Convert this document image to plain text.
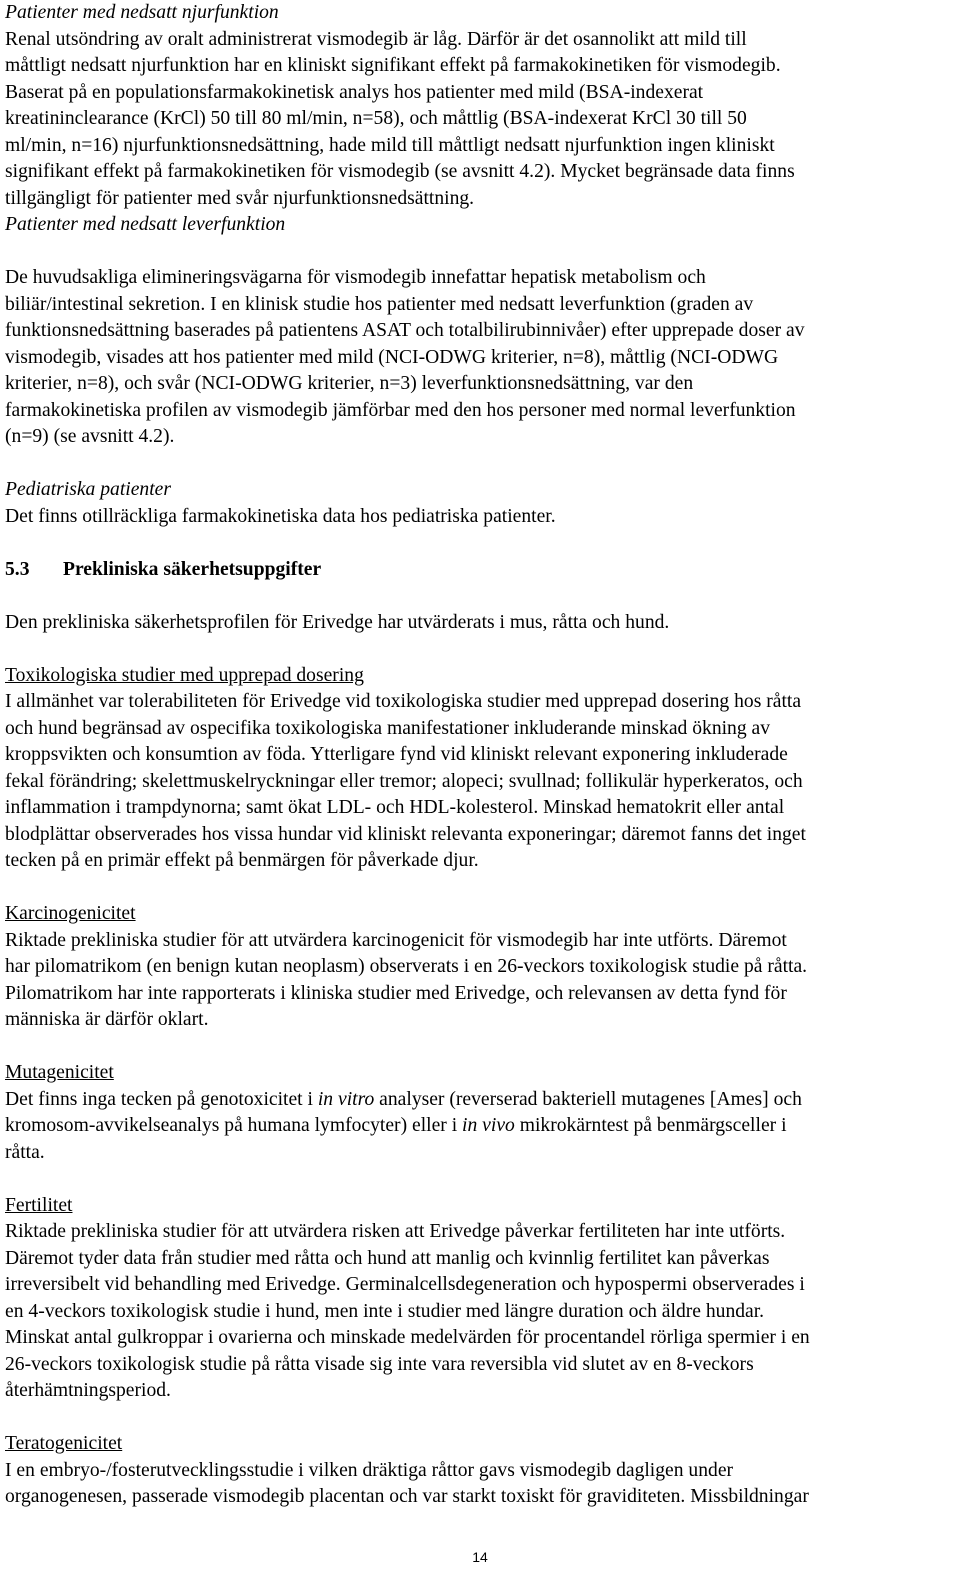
Patienter med nedsatt njurfunktion
Renal utsöndring av oralt administrerat vismodegib är låg. Därför är det osannolikt att mild till
måttligt nedsatt njurfunktion har en kliniskt signifikant effekt på farmakokinetiken för vismodegib.
Baserat på en populationsfarmakokinetisk analys hos patienter med mild (BSA-indexerat
kreatininclearance (KrCl) 50 till 80 ml/min, n=58), och måttlig (BSA-indexerat KrCl 30 till 50
ml/min, n=16) njurfunktionsnedsättning, hade mild till måttligt nedsatt njurfunktion ingen kliniskt
signifikant effekt på farmakokinetiken för vismodegib (se avsnitt 4.2). Mycket begränsade data finns
tillgängligt för patienter med svår njurfunktionsnedsättning.
Patienter med nedsatt leverfunktion
De huvudsakliga elimineringsvägarna för vismodegib innefattar hepatisk metabolism och
biliär/intestinal sekretion. I en klinisk studie hos patienter med nedsatt leverfunktion (graden av
funktionsnedsättning baserades på patientens ASAT och totalbilirubinnivåer) efter upprepade doser av
vismodegib, visades att hos patienter med mild (NCI-ODWG kriterier, n=8), måttlig (NCI-ODWG
kriterier, n=8), och svår (NCI-ODWG kriterier, n=3) leverfunktionsnedsättning, var den
farmakokinetiska profilen av vismodegib jämförbar med den hos personer med normal leverfunktion
(n=9) (se avsnitt 4.2).
Pediatriska patienter
Det finns otillräckliga farmakokinetiska data hos pediatriska patienter.
5.3 Prekliniska säkerhetsuppgifter
Den prekliniska säkerhetsprofilen för Erivedge har utvärderats i mus, råtta och hund.
Toxikologiska studier med upprepad dosering
I allmänhet var tolerabiliteten för Erivedge vid toxikologiska studier med upprepad dosering hos råtta
och hund begränsad av ospecifika toxikologiska manifestationer inkluderande minskad ökning av
kroppsvikten och konsumtion av föda. Ytterligare fynd vid kliniskt relevant exponering inkluderade
fekal förändring; skelettmuskelryckningar eller tremor; alopeci; svullnad; follikulär hyperkeratos, och
inflammation i trampdynorna; samt ökat LDL- och HDL-kolesterol. Minskad hematokrit eller antal
blodplättar observerades hos vissa hundar vid kliniskt relevanta exponeringar; däremot fanns det inget
tecken på en primär effekt på benmärgen för påverkade djur.
Karcinogenicitet
Riktade prekliniska studier för att utvärdera karcinogenicit för vismodegib har inte utförts. Däremot
har pilomatrikom (en benign kutan neoplasm) observerats i en 26-veckors toxikologisk studie på råtta.
Pilomatrikom har inte rapporterats i kliniska studier med Erivedge, och relevansen av detta fynd för
människa är därför oklart.
Mutagenicitet
Det finns inga tecken på genotoxicitet i in vitro analyser (reverserad bakteriell mutagenes [Ames] och
kromosom-avvikelseanalys på humana lymfocyter) eller i in vivo mikrokärntest på benmärgsceller i
råtta.
Fertilitet
Riktade prekliniska studier för att utvärdera risken att Erivedge påverkar fertiliteten har inte utförts.
Däremot tyder data från studier med råtta och hund att manlig och kvinnlig fertilitet kan påverkas
irreversibelt vid behandling med Erivedge. Germinalcellsdegeneration och hypospermi observerades i
en 4-veckors toxikologisk studie i hund, men inte i studier med längre duration och äldre hundar.
Minskat antal gulkroppar i ovarierna och minskade medelvärden för procentandel rörliga spermier i en
26-veckors toxikologisk studie på råtta visade sig inte vara reversibla vid slutet av en 8-veckors
återhämtningsperiod.
Teratogenicitet
I en embryo-/fosterutvecklingsstudie i vilken dräktiga råttor gavs vismodegib dagligen under
organogenesen, passerade vismodegib placentan och var starkt toxiskt för graviditeten. Missbildningar
14
